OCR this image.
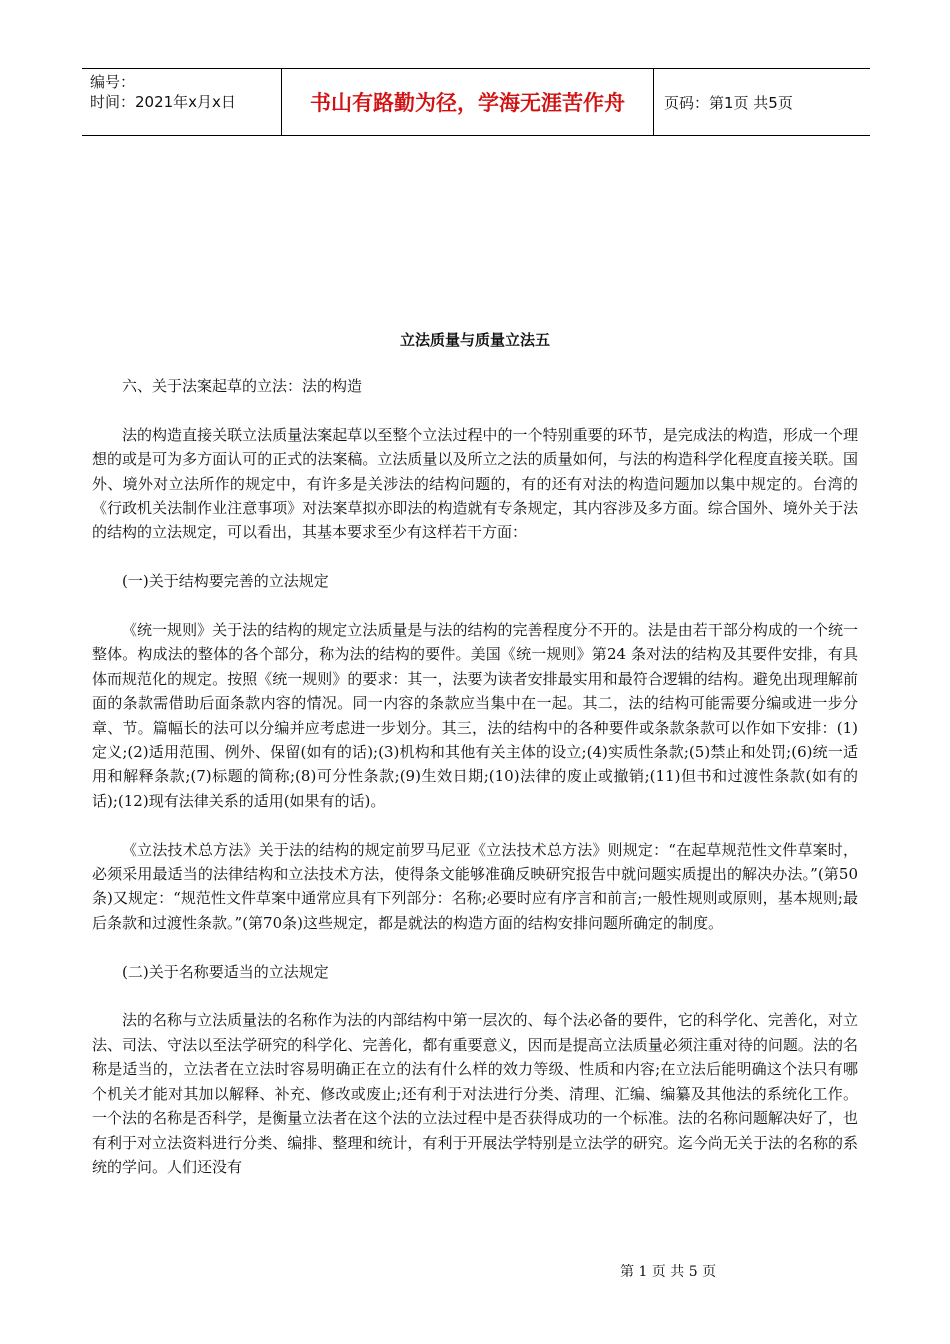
编号：
时间：2021年x月x日	书山有路勤为径，学海无涯苦作舟	页码：第1页 共5页
立法质量与质量立法五

六、关于法案起草的立法：法的构造

法的构造直接关联立法质量法案起草以至整个立法过程中的一个特别重要的环节，是完成法的构造，形成一个理想的或是可为多方面认可的正式的法案稿。立法质量以及所立之法的质量如何，与法的构造科学化程度直接关联。国外、境外对立法所作的规定中，有许多是关涉法的结构问题的，有的还有对法的构造问题加以集中规定的。台湾的《行政机关法制作业注意事项》对法案草拟亦即法的构造就有专条规定，其内容涉及多方面。综合国外、境外关于法的结构的立法规定，可以看出，其基本要求至少有这样若干方面：

(一)关于结构要完善的立法规定

《统一规则》关于法的结构的规定立法质量是与法的结构的完善程度分不开的。法是由若干部分构成的一个统一整体。构成法的整体的各个部分，称为法的结构的要件。美国《统一规则》第24 条对法的结构及其要件安排，有具体而规范化的规定。按照《统一规则》的要求：其一，法要为读者安排最实用和最符合逻辑的结构。避免出现理解前面的条款需借助后面条款内容的情况。同一内容的条款应当集中在一起。其二，法的结构可能需要分编或进一步分章、节。篇幅长的法可以分编并应考虑进一步划分。其三，法的结构中的各种要件或条款条款可以作如下安排：(1)定义;(2)适用范围、例外、保留(如有的话);(3)机构和其他有关主体的设立;(4)实质性条款;(5)禁止和处罚;(6)统一适用和解释条款;(7)标题的简称;(8)可分性条款;(9)生效日期;(10)法律的废止或撤销;(11)但书和过渡性条款(如有的话);(12)现有法律关系的适用(如果有的话)。

《立法技术总方法》关于法的结构的规定前罗马尼亚《立法技术总方法》则规定：“在起草规范性文件草案时，必须采用最适当的法律结构和立法技术方法，使得条文能够准确反映研究报告中就问题实质提出的解决办法。”(第50条)又规定：“规范性文件草案中通常应具有下列部分：名称;必要时应有序言和前言;一般性规则或原则，基本规则;最后条款和过渡性条款。”(第70条)这些规定，都是就法的构造方面的结构安排问题所确定的制度。

(二)关于名称要适当的立法规定

法的名称与立法质量法的名称作为法的内部结构中第一层次的、每个法必备的要件，它的科学化、完善化，对立法、司法、守法以至法学研究的科学化、完善化，都有重要意义，因而是提高立法质量必须注重对待的问题。法的名称是适当的，立法者在立法时容易明确正在立的法有什么样的效力等级、性质和内容;在立法后能明确这个法只有哪个机关才能对其加以解释、补充、修改或废止;还有利于对法进行分类、清理、汇编、编纂及其他法的系统化工作。一个法的名称是否科学，是衡量立法者在这个法的立法过程中是否获得成功的一个标准。法的名称问题解决好了，也有利于对立法资料进行分类、编排、整理和统计，有利于开展法学特别是立法学的研究。迄今尚无关于法的名称的系统的学问。人们还没有

第 1 页 共 5 页
